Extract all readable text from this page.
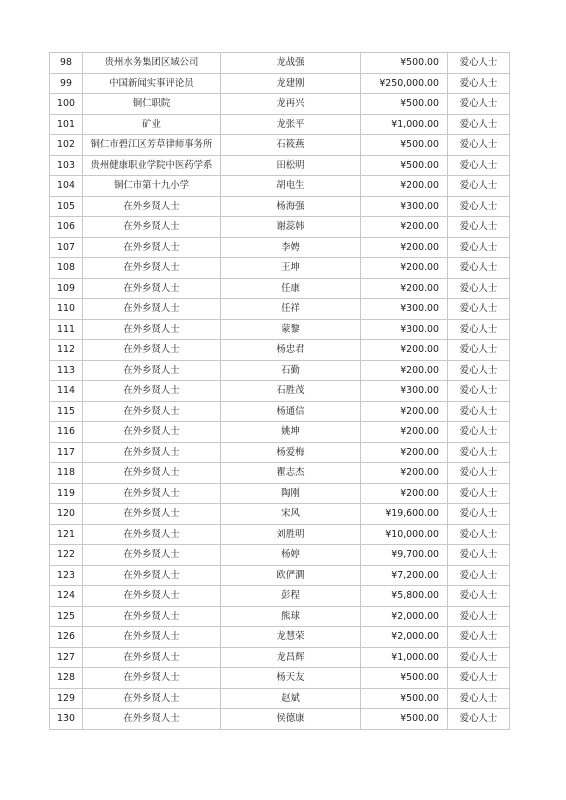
98	贵州水务集团区域公司	龙战强	¥500.00	爱心人士
99	中国新闻实事评论员	龙建刚	¥250,000.00	爱心人士
100	铜仁职院	龙再兴	¥500.00	爱心人士
101	矿业	龙张平	¥1,000.00	爱心人士
102	铜仁市碧江区芳草律师事务所	石筱燕	¥500.00	爱心人士
103	贵州健康职业学院中医药学系	田松明	¥500.00	爱心人士
104	铜仁市第十九小学	胡电生	¥200.00	爱心人士
105	在外乡贤人士	杨海强	¥300.00	爱心人士
106	在外乡贤人士	谢蕊韩	¥200.00	爱心人士
107	在外乡贤人士	李娉	¥200.00	爱心人士
108	在外乡贤人士	王坤	¥200.00	爱心人士
109	在外乡贤人士	任康	¥200.00	爱心人士
110	在外乡贤人士	任祥	¥300.00	爱心人士
111	在外乡贤人士	蒙黎	¥300.00	爱心人士
112	在外乡贤人士	杨忠君	¥200.00	爱心人士
113	在外乡贤人士	石勤	¥200.00	爱心人士
114	在外乡贤人士	石胜茂	¥300.00	爱心人士
115	在外乡贤人士	杨通信	¥200.00	爱心人士
116	在外乡贤人士	姚坤	¥200.00	爱心人士
117	在外乡贤人士	杨爱梅	¥200.00	爱心人士
118	在外乡贤人士	瞿志杰	¥200.00	爱心人士
119	在外乡贤人士	陶刚	¥200.00	爱心人士
120	在外乡贤人士	宋风	¥19,600.00	爱心人士
121	在外乡贤人士	刘胜明	¥10,000.00	爱心人士
122	在外乡贤人士	杨婷	¥9,700.00	爱心人士
123	在外乡贤人士	欧俨澗	¥7,200.00	爱心人士
124	在外乡贤人士	彭程	¥5,800.00	爱心人士
125	在外乡贤人士	熊球	¥2,000.00	爱心人士
126	在外乡贤人士	龙慧荣	¥2,000.00	爱心人士
127	在外乡贤人士	龙昌辉	¥1,000.00	爱心人士
128	在外乡贤人士	杨天友	¥500.00	爱心人士
129	在外乡贤人士	赵斌	¥500.00	爱心人士
130	在外乡贤人士	侯德康	¥500.00	爱心人士
